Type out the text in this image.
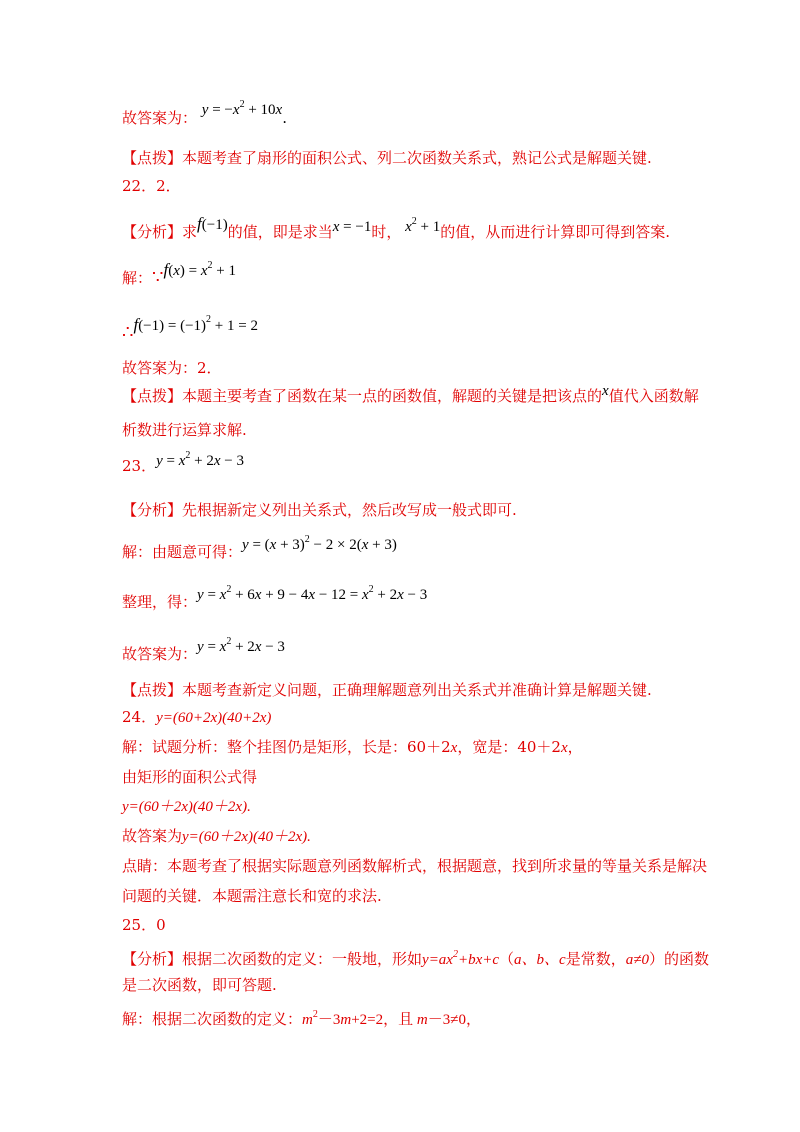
故答案为： $y = -x^2 + 10x$.
【点拨】本题考查了扇形的面积公式、列二次函数关系式，熟记公式是解题关键.
22．2．
【分析】求f(−1)的值，即是求当x = −1时， $x^2 + 1$的值，从而进行计算即可得到答案.
解：∵f(x) = $x^2 + 1$
∴f(−1) = $(-1)^2 + 1 = 2$
故答案为：2．
【点拨】本题主要考查了函数在某一点的函数值，解题的关键是把该点的x值代入函数解
析数进行运算求解.
23．$y = x^2 + 2x - 3$
【分析】先根据新定义列出关系式，然后改写成一般式即可.
解：由题意可得：$y = (x + 3)^2 - 2 \times 2(x + 3)$
整理，得：$y = x^2 + 6x + 9 - 4x - 12 = x^2 + 2x - 3$
故答案为：$y = x^2 + 2x - 3$
【点拨】本题考查新定义问题，正确理解题意列出关系式并准确计算是解题关键.
24．y=(60+2x)(40+2x)
解：试题分析：整个挂图仍是矩形，长是：60＋2x，宽是：40＋2x，
由矩形的面积公式得
y=(60＋2x)(40＋2x).
故答案为y=(60＋2x)(40＋2x).
点睛：本题考查了根据实际题意列函数解析式，根据题意，找到所求量的等量关系是解决
问题的关键．本题需注意长和宽的求法.
25．0
【分析】根据二次函数的定义：一般地，形如$y=ax^2+bx+c(a$、b、c是常数，a≠0）的函数
是二次函数，即可答题.
解：根据二次函数的定义：$m^2-3m+2=2$，且 m－3≠0，
